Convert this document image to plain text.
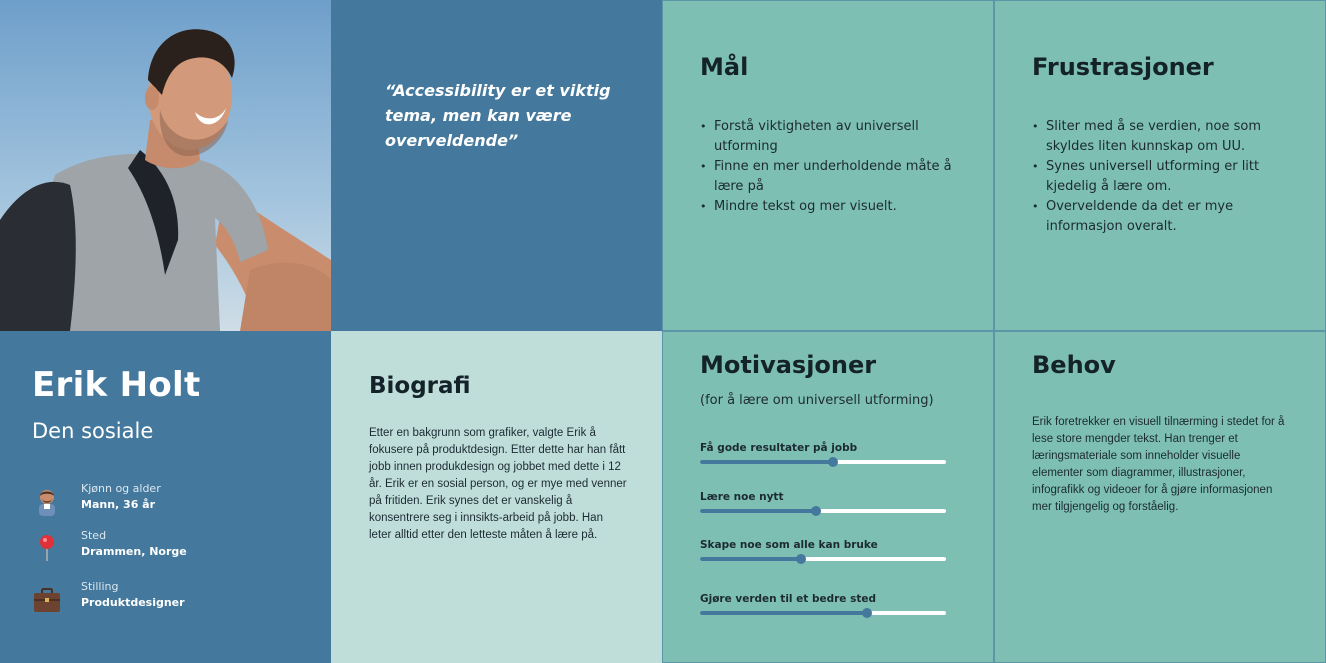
“Accessibility er et viktig tema, men kan være overveldende”

Mål
• Forstå viktigheten av universell utforming
• Finne en mer underholdende måte å lære på
• Mindre tekst og mer visuelt.
Frustrasjoner
• Sliter med å se verdien, noe som skyldes liten kunnskap om UU.
• Synes universell utforming er litt kjedelig å lære om.
• Overveldende da det er mye informasjon overalt.
Erik Holt
Den sosiale
Kjønn og alder
Mann, 36 år
Sted
Drammen, Norge
Stilling
Produktdesigner
Biografi

Etter en bakgrunn som grafiker, valgte Erik å fokusere på produktdesign. Etter dette har han fått jobb innen produkdesign og jobbet med dette i 12 år. Erik er en sosial person, og er mye med venner på fritiden. Erik synes det er vanskelig å konsentrere seg i innsikts-arbeid på jobb. Han leter alltid etter den letteste måten å lære på.

Motivasjoner
(for å lære om universell utforming)
Få gode resultater på jobb
Lære noe nytt
Skape noe som alle kan bruke
Gjøre verden til et bedre sted
Behov

Erik foretrekker en visuell tilnærming i stedet for å lese store mengder tekst. Han trenger et læringsmateriale som inneholder visuelle elementer som diagrammer, illustrasjoner, infografikk og videoer for å gjøre informasjonen mer tilgjengelig og forståelig.
